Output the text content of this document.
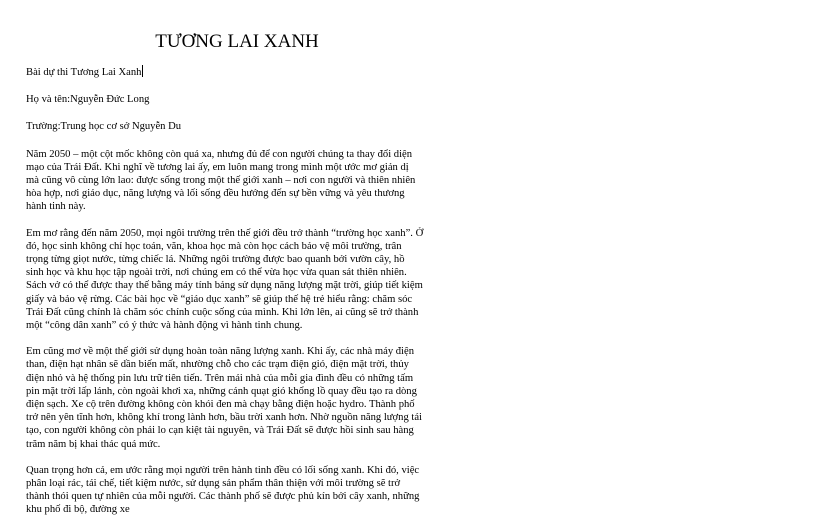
TƯƠNG LAI XANH
Bài dự thi Tương Lai Xanh
Họ và tên:Nguyễn Đức Long
Trường:Trung học cơ sở Nguyễn Du
Năm 2050 – một cột mốc không còn quá xa, nhưng đủ để con người chúng ta thay đổi diện
mạo của Trái Đất. Khi nghĩ về tương lai ấy, em luôn mang trong mình một ước mơ giản dị
mà cũng vô cùng lớn lao: được sống trong một thế giới xanh – nơi con người và thiên nhiên
hòa hợp, nơi giáo dục, năng lượng và lối sống đều hướng đến sự bền vững và yêu thương
hành tinh này.
Em mơ rằng đến năm 2050, mọi ngôi trường trên thế giới đều trở thành “trường học xanh”. Ở
đó, học sinh không chỉ học toán, văn, khoa học mà còn học cách bảo vệ môi trường, trân
trọng từng giọt nước, từng chiếc lá. Những ngôi trường được bao quanh bởi vườn cây, hồ
sinh học và khu học tập ngoài trời, nơi chúng em có thể vừa học vừa quan sát thiên nhiên.
Sách vở có thể được thay thế bằng máy tính bảng sử dụng năng lượng mặt trời, giúp tiết kiệm
giấy và bảo vệ rừng. Các bài học về “giáo dục xanh” sẽ giúp thế hệ trẻ hiểu rằng: chăm sóc
Trái Đất cũng chính là chăm sóc chính cuộc sống của mình. Khi lớn lên, ai cũng sẽ trở thành
một “công dân xanh” có ý thức và hành động vì hành tinh chung.
Em cũng mơ về một thế giới sử dụng hoàn toàn năng lượng xanh. Khi ấy, các nhà máy điện
than, điện hạt nhân sẽ dần biến mất, nhường chỗ cho các trạm điện gió, điện mặt trời, thủy
điện nhỏ và hệ thống pin lưu trữ tiên tiến. Trên mái nhà của mỗi gia đình đều có những tấm
pin mặt trời lấp lánh, còn ngoài khơi xa, những cánh quạt gió khổng lồ quay đều tạo ra dòng
điện sạch. Xe cộ trên đường không còn khói đen mà chạy bằng điện hoặc hydro. Thành phố
trở nên yên tĩnh hơn, không khí trong lành hơn, bầu trời xanh hơn. Nhờ nguồn năng lượng tái
tạo, con người không còn phải lo cạn kiệt tài nguyên, và Trái Đất sẽ được hồi sinh sau hàng
trăm năm bị khai thác quá mức.
Quan trọng hơn cả, em ước rằng mọi người trên hành tinh đều có lối sống xanh. Khi đó, việc
phân loại rác, tái chế, tiết kiệm nước, sử dụng sản phẩm thân thiện với môi trường sẽ trở
thành thói quen tự nhiên của mỗi người. Các thành phố sẽ được phủ kín bởi cây xanh, những
khu phố đi bộ, đường xe
